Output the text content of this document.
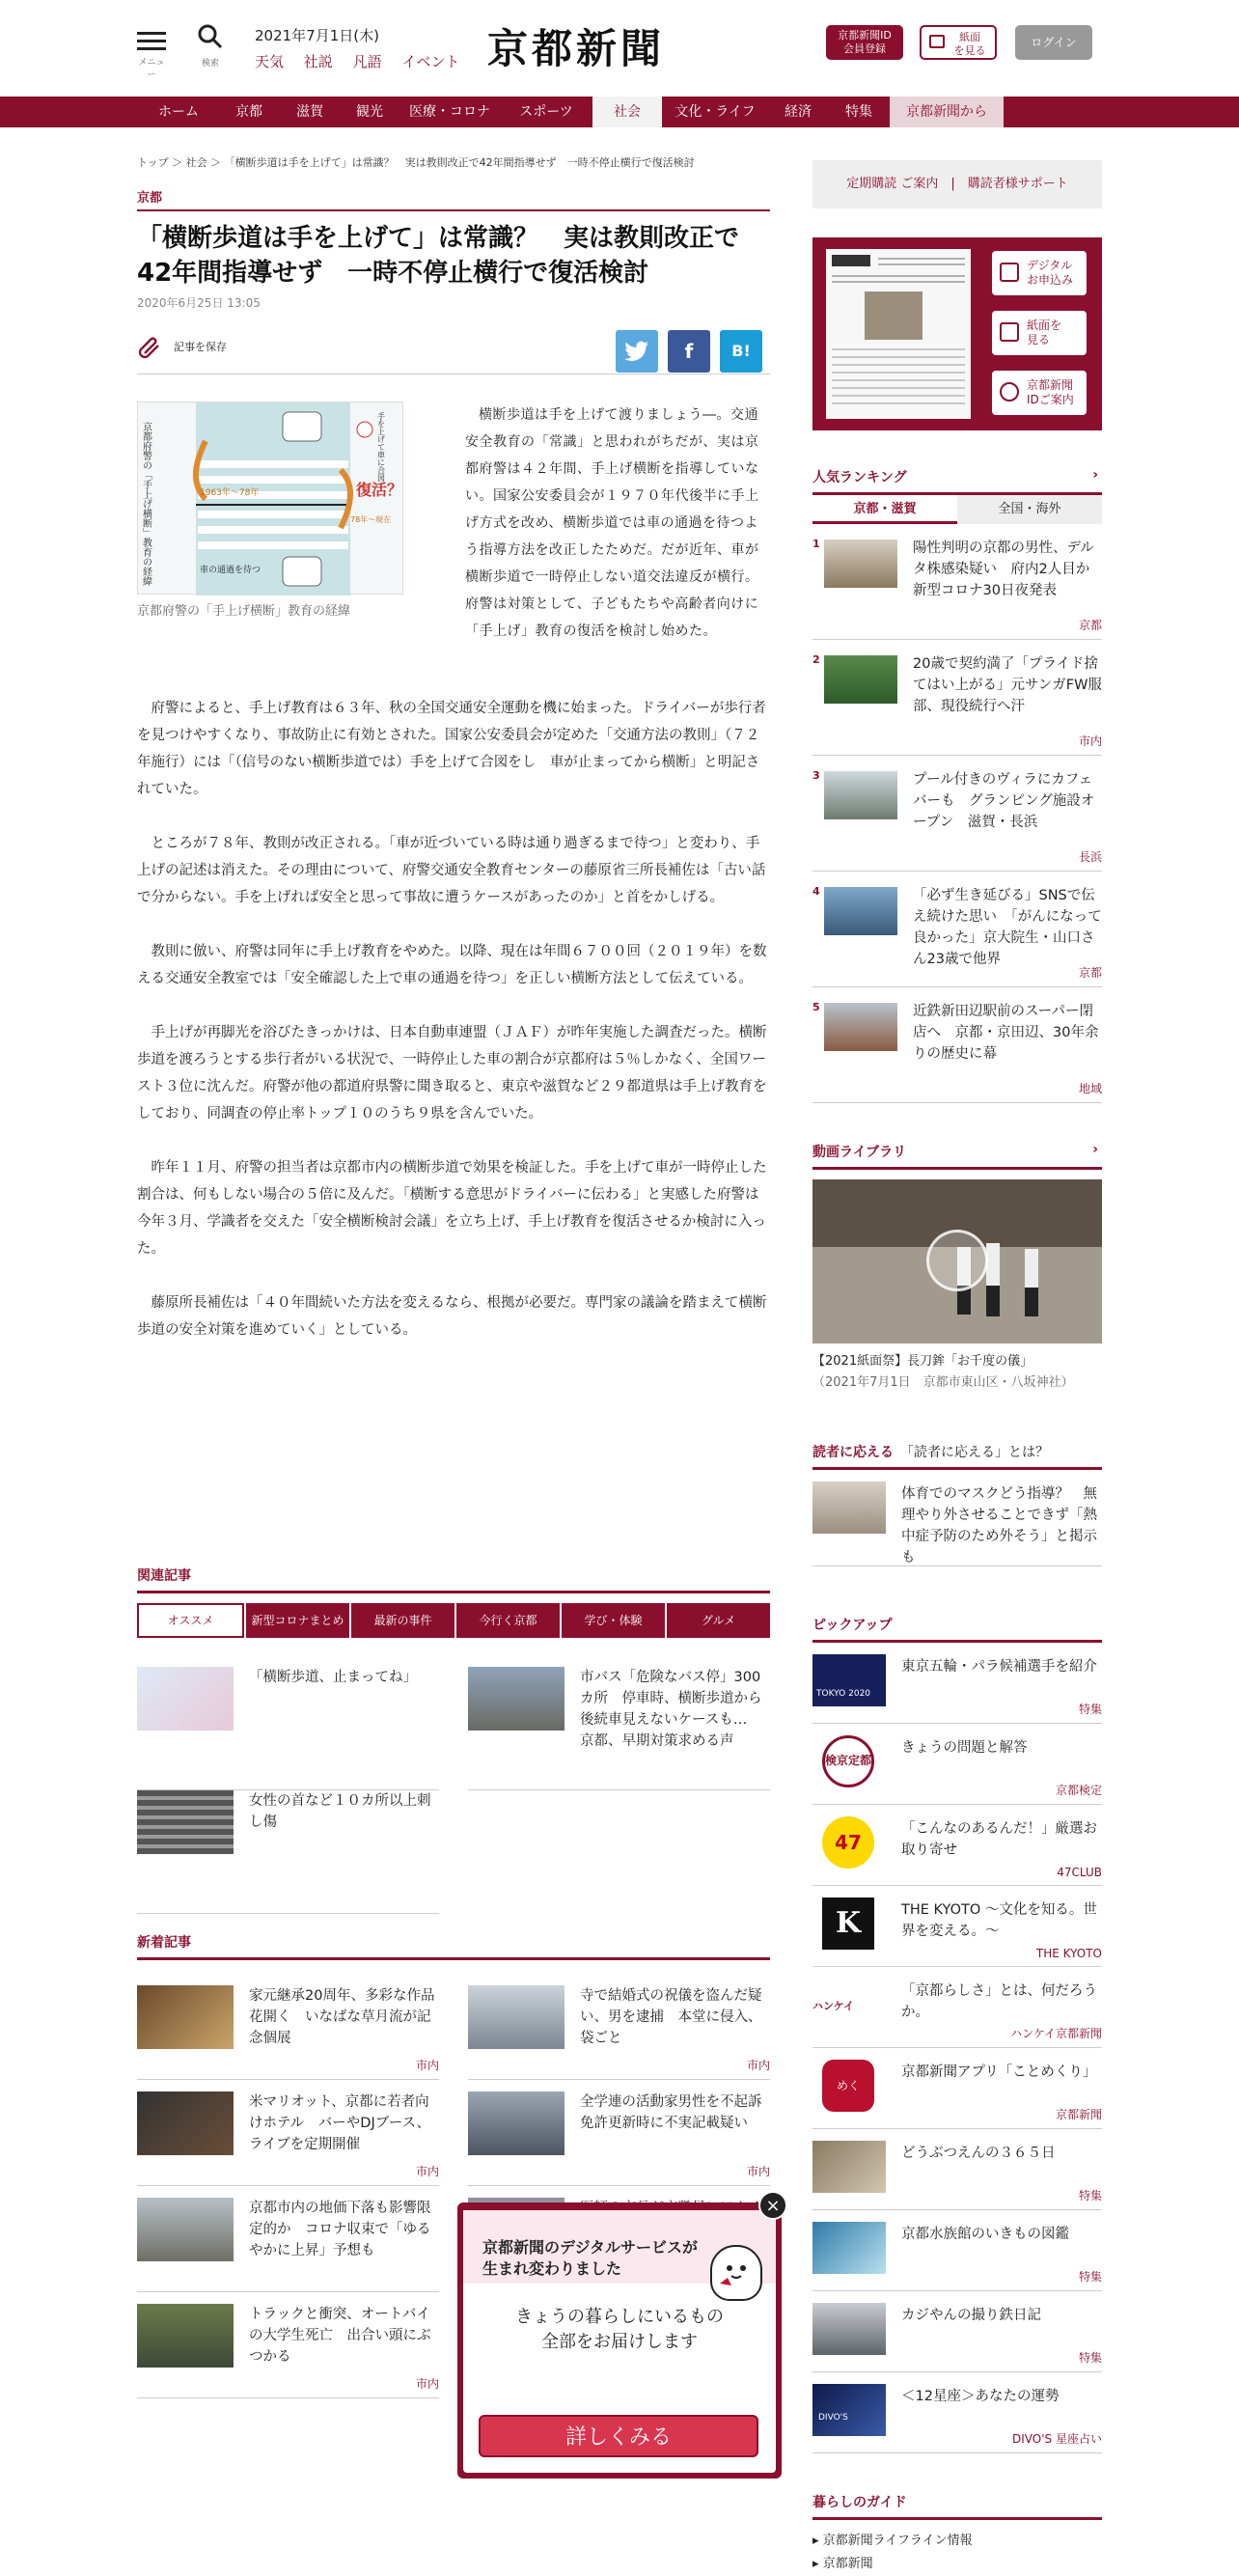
メニュー
検索
2021年7月1日(木)
天気 社説 凡語 イベント 京都新聞	京都新聞ID
会員登録
紙面
を見る
ログイン
ホーム	京都	滋賀	観光	医療・コロナ	スポーツ	社会	文化・ライフ	経済	特集	京都新聞から
トップ ＞ 社会 ＞ 「横断歩道は手を上げて」は常識？　実は教則改正で42年間指導せず　一時不停止横行で復活検討
京都
「横断歩道は手を上げて」は常識？　実は教則改正で42年間指導せず　一時不停止横行で復活検討
2020年6月25日 13:05
記事を保存	f	B!
京都府警の「手上げ横断」教育の経緯	1963年〜78年	復活？
78年〜現在
車の通過を待つ
手を上げて車に合図
京都府警の「手上げ横断」教育の経緯

横断歩道は手を上げて渡りましょう―。交通安全教育の「常識」と思われがちだが、実は京都府警は４２年間、手上げ横断を指導していない。国家公安委員会が１９７０年代後半に手上げ方式を改め、横断歩道では車の通過を待つよう指導方法を改正したためだ。だが近年、車が横断歩道で一時停止しない道交法違反が横行。府警は対策として、子どもたちや高齢者向けに「手上げ」教育の復活を検討し始めた。

府警によると、手上げ教育は６３年、秋の全国交通安全運動を機に始まった。ドライバーが歩行者を見つけやすくなり、事故防止に有効とされた。国家公安委員会が定めた「交通方法の教則」（７２年施行）には「（信号のない横断歩道では）手を上げて合図をし　車が止まってから横断」と明記されていた。

ところが７８年、教則が改正される。「車が近づいている時は通り過ぎるまで待つ」と変わり、手上げの記述は消えた。その理由について、府警交通安全教育センターの藤原省三所長補佐は「古い話で分からない。手を上げれば安全と思って事故に遭うケースがあったのか」と首をかしげる。

教則に倣い、府警は同年に手上げ教育をやめた。以降、現在は年間６７００回（２０１９年）を数える交通安全教室では「安全確認した上で車の通過を待つ」を正しい横断方法として伝えている。

手上げが再脚光を浴びたきっかけは、日本自動車連盟（ＪＡＦ）が昨年実施した調査だった。横断歩道を渡ろうとする歩行者がいる状況で、一時停止した車の割合が京都府は５％しかなく、全国ワースト３位に沈んだ。府警が他の都道府県警に聞き取ると、東京や滋賀など２９都道県は手上げ教育をしており、同調査の停止率トップ１０のうち９県を含んでいた。

昨年１１月、府警の担当者は京都市内の横断歩道で効果を検証した。手を上げて車が一時停止した割合は、何もしない場合の５倍に及んだ。「横断する意思がドライバーに伝わる」と実感した府警は今年３月、学識者を交えた「安全横断検討会議」を立ち上げ、手上げ教育を復活させるか検討に入った。

藤原所長補佐は「４０年間続いた方法を変えるなら、根拠が必要だ。専門家の議論を踏まえて横断歩道の安全対策を進めていく」としている。

関連記事
オススメ	新型コロナまとめ	最新の事件	今行く京都	学び・体験	グルメ
「横断歩道、止まってね」	市バス「危険なバス停」300カ所　停車時、横断歩道から後続車見えないケースも…　京都、早期対策求める声
女性の首など１０カ所以上刺し傷
新着記事
家元継承20周年、多彩な作品花開く　いなばな草月流が記念個展
市内
寺で結婚式の祝儀を盗んだ疑い、男を逮捕　本堂に侵入、袋ごと
市内
米マリオット、京都に若者向けホテル　バーやDJブース、ライブを定期開催
市内
全学連の活動家男性を不起訴　免許更新時に不実記載疑い
市内
京都市内の地価下落も影響限定的か　コロナ収束で「ゆるやかに上昇」予想も
トラックと衝突、オートバイの大学生死亡　出合い頭にぶつかる
市内
定期購読 ご案内　|　購読者様サポート
デジタル
お申込み
紙面を
見る
京都新聞
IDご案内
人気ランキング	›
京都・滋賀	全国・海外
1	陽性判明の京都の男性、デルタ株感染疑い　府内2人目か　新型コロナ30日夜発表
京都
2	20歳で契約満了「プライド捨てはい上がる」元サンガFW服部、現役続行へ汗
市内
3	プール付きのヴィラにカフェバーも　グランピング施設オープン　滋賀・長浜
長浜
4	「必ず生き延びる」SNSで伝え続けた思い　「がんになって良かった」京大院生・山口さん23歳で他界
京都
5	近鉄新田辺駅前のスーパー閉店へ　京都・京田辺、30年余りの歴史に幕
地域
動画ライブラリ	›
【2021紙面祭】長刀鉾「お千度の儀」
（2021年7月1日　京都市東山区・八坂神社）
読者に応える　 「読者に応える」とは？
体育でのマスクどう指導？　無理やり外させることできず「熱中症予防のため外そう」と掲示も
ピックアップ
TOKYO 2020
東京五輪・パラ候補選手を紹介
特集
検京定都
きょうの問題と解答
京都検定
47
「こんなのあるんだ！」厳選お取り寄せ
47CLUB
K	THE KYOTO ～文化を知る。世界を変える。～
THE KYOTO
ハンケイ
「京都らしさ」とは、何だろうか。
ハンケイ京都新聞
めく
京都新聞アプリ「ことめくり」
京都新聞
どうぶつえんの３６５日
特集
京都水族館のいきもの図鑑
特集
カジやんの撮り鉄日記
特集
DIVO'S
＜12星座＞あなたの運勢
DIVO'S 星座占い
暮らしのガイド
▸ 京都新聞ライフライン情報
▸ 京都新聞
京都新聞のデジタルサービスが生まれ変わりました
きょうの暮らしにいるもの
全部をお届けします
詳しくみる
×
